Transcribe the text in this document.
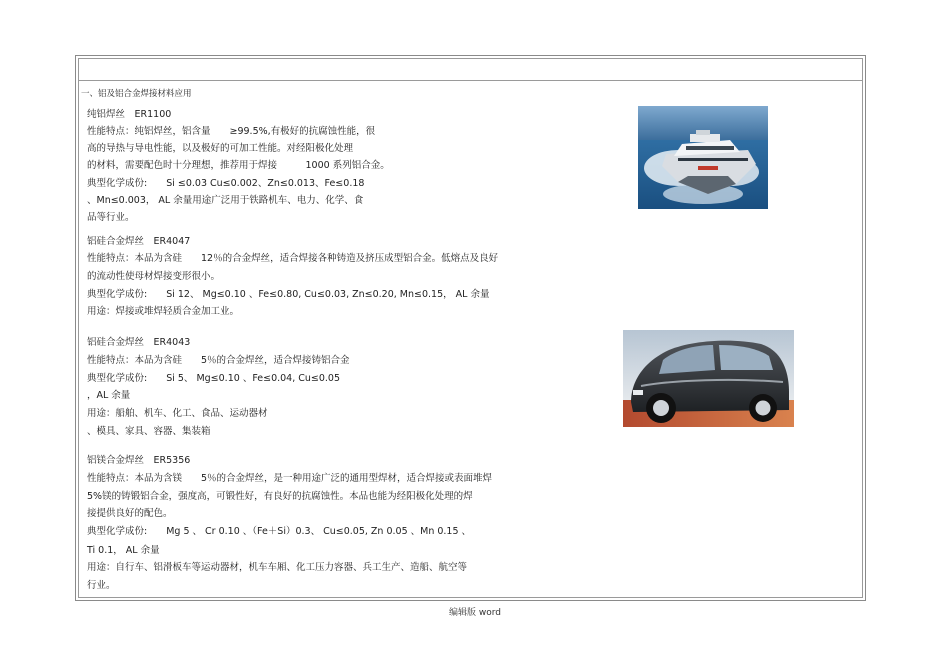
一、铝及铝合金焊接材料应用
纯铝焊丝　ER1100
性能特点：纯铝焊丝，铝含量　　≥99.5%,有极好的抗腐蚀性能，很
高的导热与导电性能，以及极好的可加工性能。对经阳极化处理
的材料，需要配色时十分理想，推荐用于焊接　　　1000 系列铝合金。
典型化学成份:　　Si ≤0.03 Cu≤0.002、Zn≤0.013、Fe≤0.18
、Mn≤0.003， AL 余量用途广泛用于铁路机车、电力、化学、食
品等行业。
铝硅合金焊丝　ER4047
性能特点：本品为含硅　　12％的合金焊丝，适合焊接各种铸造及挤压成型铝合金。低熔点及良好
的流动性使母材焊接变形很小。
典型化学成份:　　Si 12、 Mg≤0.10 、Fe≤0.80, Cu≤0.03, Zn≤0.20, Mn≤0.15， AL 余量
用途：焊接或堆焊轻质合金加工业。
铝硅合金焊丝　ER4043
性能特点：本品为含硅　　5％的合金焊丝，适合焊接铸铝合金
典型化学成份:　　Si 5、 Mg≤0.10 、Fe≤0.04, Cu≤0.05
，AL 余量
用途：船舶、机车、化工、食品、运动器材
、模具、家具、容器、集装箱
铝镁合金焊丝　ER5356
性能特点：本品为含镁　　5％的合金焊丝，是一种用途广泛的通用型焊材，适合焊接或表面堆焊
5%镁的铸锻铝合金，强度高，可锻性好，有良好的抗腐蚀性。本品也能为经阳极化处理的焊
接提供良好的配色。
典型化学成份:　　Mg 5 、 Cr 0.10 、（Fe＋Si）0.3、 Cu≤0.05, Zn 0.05 、Mn 0.15 、
Ti 0.1， AL 余量
用途：自行车、铝滑板车等运动器材，机车车厢、化工压力容器、兵工生产、造船、航空等
行业。
编辑版 word
